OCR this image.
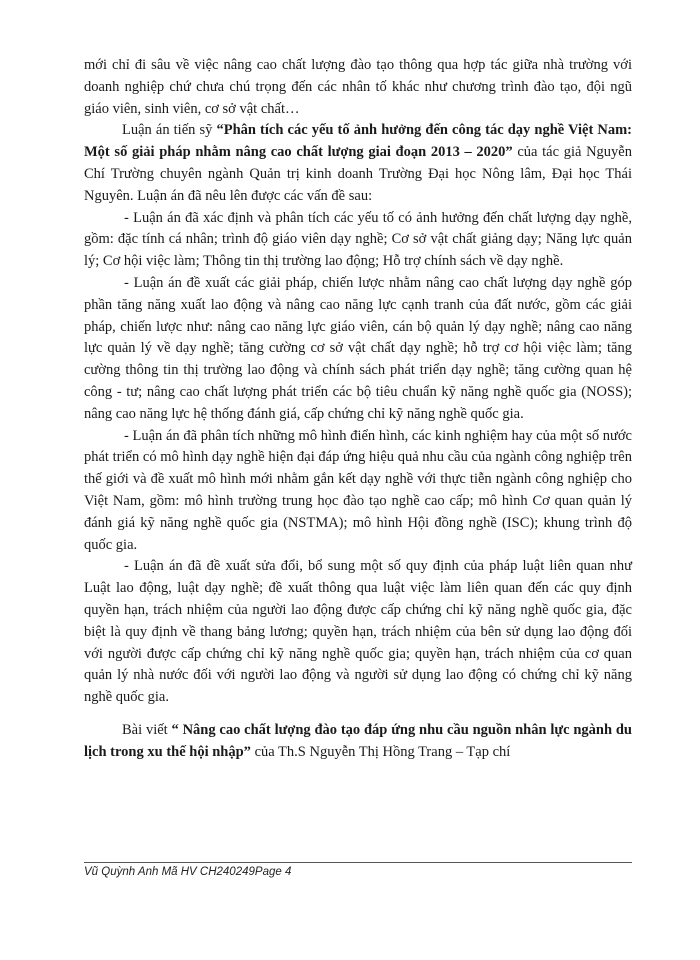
mới chỉ đi sâu về việc nâng cao chất lượng đào tạo thông qua hợp tác giữa nhà trường với doanh nghiệp chứ chưa chú trọng đến các nhân tố khác như chương trình đào tạo, đội ngũ giáo viên, sinh viên, cơ sở vật chất…

Luận án tiến sỹ “Phân tích các yếu tố ảnh hưởng đến công tác dạy nghề Việt Nam: Một số giải pháp nhằm nâng cao chất lượng giai đoạn 2013 – 2020” của tác giả Nguyễn Chí Trường chuyên ngành Quản trị kinh doanh Trường Đại học Nông lâm, Đại học Thái Nguyên. Luận án đã nêu lên được các vấn đề sau:

- Luận án đã xác định và phân tích các yếu tố có ảnh hưởng đến chất lượng dạy nghề, gồm: đặc tính cá nhân; trình độ giáo viên dạy nghề; Cơ sở vật chất giảng dạy; Năng lực quản lý; Cơ hội việc làm; Thông tin thị trường lao động; Hỗ trợ chính sách về dạy nghề.

- Luận án đề xuất các giải pháp, chiến lược nhằm nâng cao chất lượng dạy nghề góp phần tăng năng xuất lao động và nâng cao năng lực cạnh tranh của đất nước, gồm các giải pháp, chiến lược như: nâng cao năng lực giáo viên, cán bộ quản lý dạy nghề; nâng cao năng lực quản lý về dạy nghề; tăng cường cơ sở vật chất dạy nghề; hỗ trợ cơ hội việc làm; tăng cường thông tin thị trường lao động và chính sách phát triển dạy nghề; tăng cường quan hệ công - tư; nâng cao chất lượng phát triển các bộ tiêu chuẩn kỹ năng nghề quốc gia (NOSS); nâng cao năng lực hệ thống đánh giá, cấp chứng chỉ kỹ năng nghề quốc gia.

- Luận án đã phân tích những mô hình điển hình, các kinh nghiệm hay của một số nước phát triển có mô hình dạy nghề hiện đại đáp ứng hiệu quả nhu cầu của ngành công nghiệp trên thế giới và đề xuất mô hình mới nhằm gắn kết dạy nghề với thực tiễn ngành công nghiệp cho Việt Nam, gồm: mô hình trường trung học đào tạo nghề cao cấp; mô hình Cơ quan quản lý đánh giá kỹ năng nghề quốc gia (NSTMA); mô hình Hội đồng nghề (ISC); khung trình độ quốc gia.

- Luận án đã đề xuất sửa đổi, bổ sung một số quy định của pháp luật liên quan như Luật lao động, luật dạy nghề; đề xuất thông qua luật việc làm liên quan đến các quy định quyền hạn, trách nhiệm của người lao động được cấp chứng chỉ kỹ năng nghề quốc gia, đặc biệt là quy định về thang bảng lương; quyền hạn, trách nhiệm của bên sử dụng lao động đối với người được cấp chứng chỉ kỹ năng nghề quốc gia; quyền hạn, trách nhiệm của cơ quan quản lý nhà nước đối với người lao động và người sử dụng lao động có chứng chỉ kỹ năng nghề quốc gia.

Bài viết “ Nâng cao chất lượng đào tạo đáp ứng nhu cầu nguồn nhân lực ngành du lịch trong xu thế hội nhập” của Th.S Nguyễn Thị Hồng Trang – Tạp chí

Vũ Quỳnh Anh Mã HV CH240249Page 4
